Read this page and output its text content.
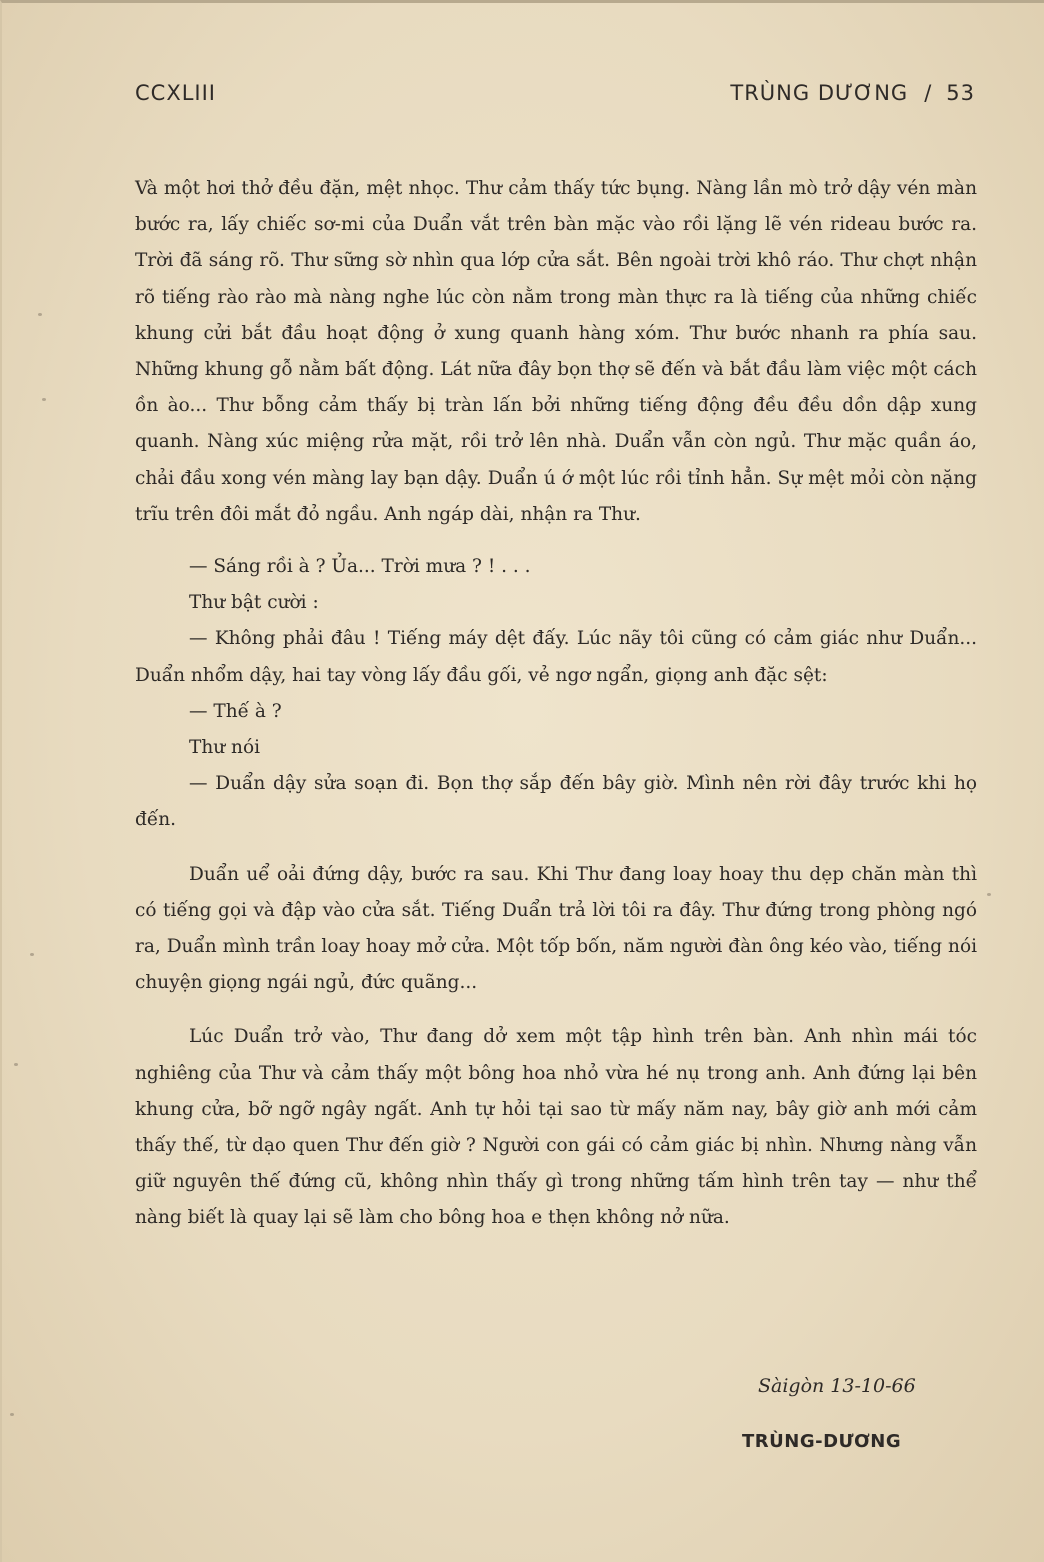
CCXLIII	TRÙNG DƯƠNG / 53

Và một hơi thở đều đặn, mệt nhọc. Thư cảm thấy tức bụng. Nàng lần mò trở dậy vén màn bước ra, lấy chiếc sơ-mi của Duẩn vắt trên bàn mặc vào rồi lặng lẽ vén rideau bước ra. Trời đã sáng rõ. Thư sững sờ nhìn qua lớp cửa sắt. Bên ngoài trời khô ráo. Thư chợt nhận rõ tiếng rào rào mà nàng nghe lúc còn nằm trong màn thực ra là tiếng của những chiếc khung cửi bắt đầu hoạt động ở xung quanh hàng xóm. Thư bước nhanh ra phía sau. Những khung gỗ nằm bất động. Lát nữa đây bọn thợ sẽ đến và bắt đầu làm việc một cách ồn ào... Thư bỗng cảm thấy bị tràn lấn bởi những tiếng động đều đều dồn dập xung quanh. Nàng xúc miệng rửa mặt, rồi trở lên nhà. Duẩn vẫn còn ngủ. Thư mặc quần áo, chải đầu xong vén màng lay bạn dậy. Duẩn ú ớ một lúc rồi tỉnh hẳn. Sự mệt mỏi còn nặng trĩu trên đôi mắt đỏ ngầu. Anh ngáp dài, nhận ra Thư.

— Sáng rồi à ? Ủa... Trời mưa ? ! . . .

Thư bật cười :

— Không phải đâu ! Tiếng máy dệt đấy. Lúc nãy tôi cũng có cảm giác như Duẩn... Duẩn nhổm dậy, hai tay vòng lấy đầu gối, vẻ ngơ ngẩn, giọng anh đặc sệt:

— Thế à ?

Thư nói

— Duẩn dậy sửa soạn đi. Bọn thợ sắp đến bây giờ. Mình nên rời đây trước khi họ đến.

Duẩn uể oải đứng dậy, bước ra sau. Khi Thư đang loay hoay thu dẹp chăn màn thì có tiếng gọi và đập vào cửa sắt. Tiếng Duẩn trả lời tôi ra đây. Thư đứng trong phòng ngó ra, Duẩn mình trần loay hoay mở cửa. Một tốp bốn, năm người đàn ông kéo vào, tiếng nói chuyện giọng ngái ngủ, đức quãng...

Lúc Duẩn trở vào, Thư đang dở xem một tập hình trên bàn. Anh nhìn mái tóc nghiêng của Thư và cảm thấy một bông hoa nhỏ vừa hé nụ trong anh. Anh đứng lại bên khung cửa, bỡ ngỡ ngây ngất. Anh tự hỏi tại sao từ mấy năm nay, bây giờ anh mới cảm thấy thế, từ dạo quen Thư đến giờ ? Người con gái có cảm giác bị nhìn. Nhưng nàng vẫn giữ nguyên thế đứng cũ, không nhìn thấy gì trong những tấm hình trên tay — như thể nàng biết là quay lại sẽ làm cho bông hoa e thẹn không nở nữa.

Sàigòn 13-10-66
TRÙNG-DƯƠNG
